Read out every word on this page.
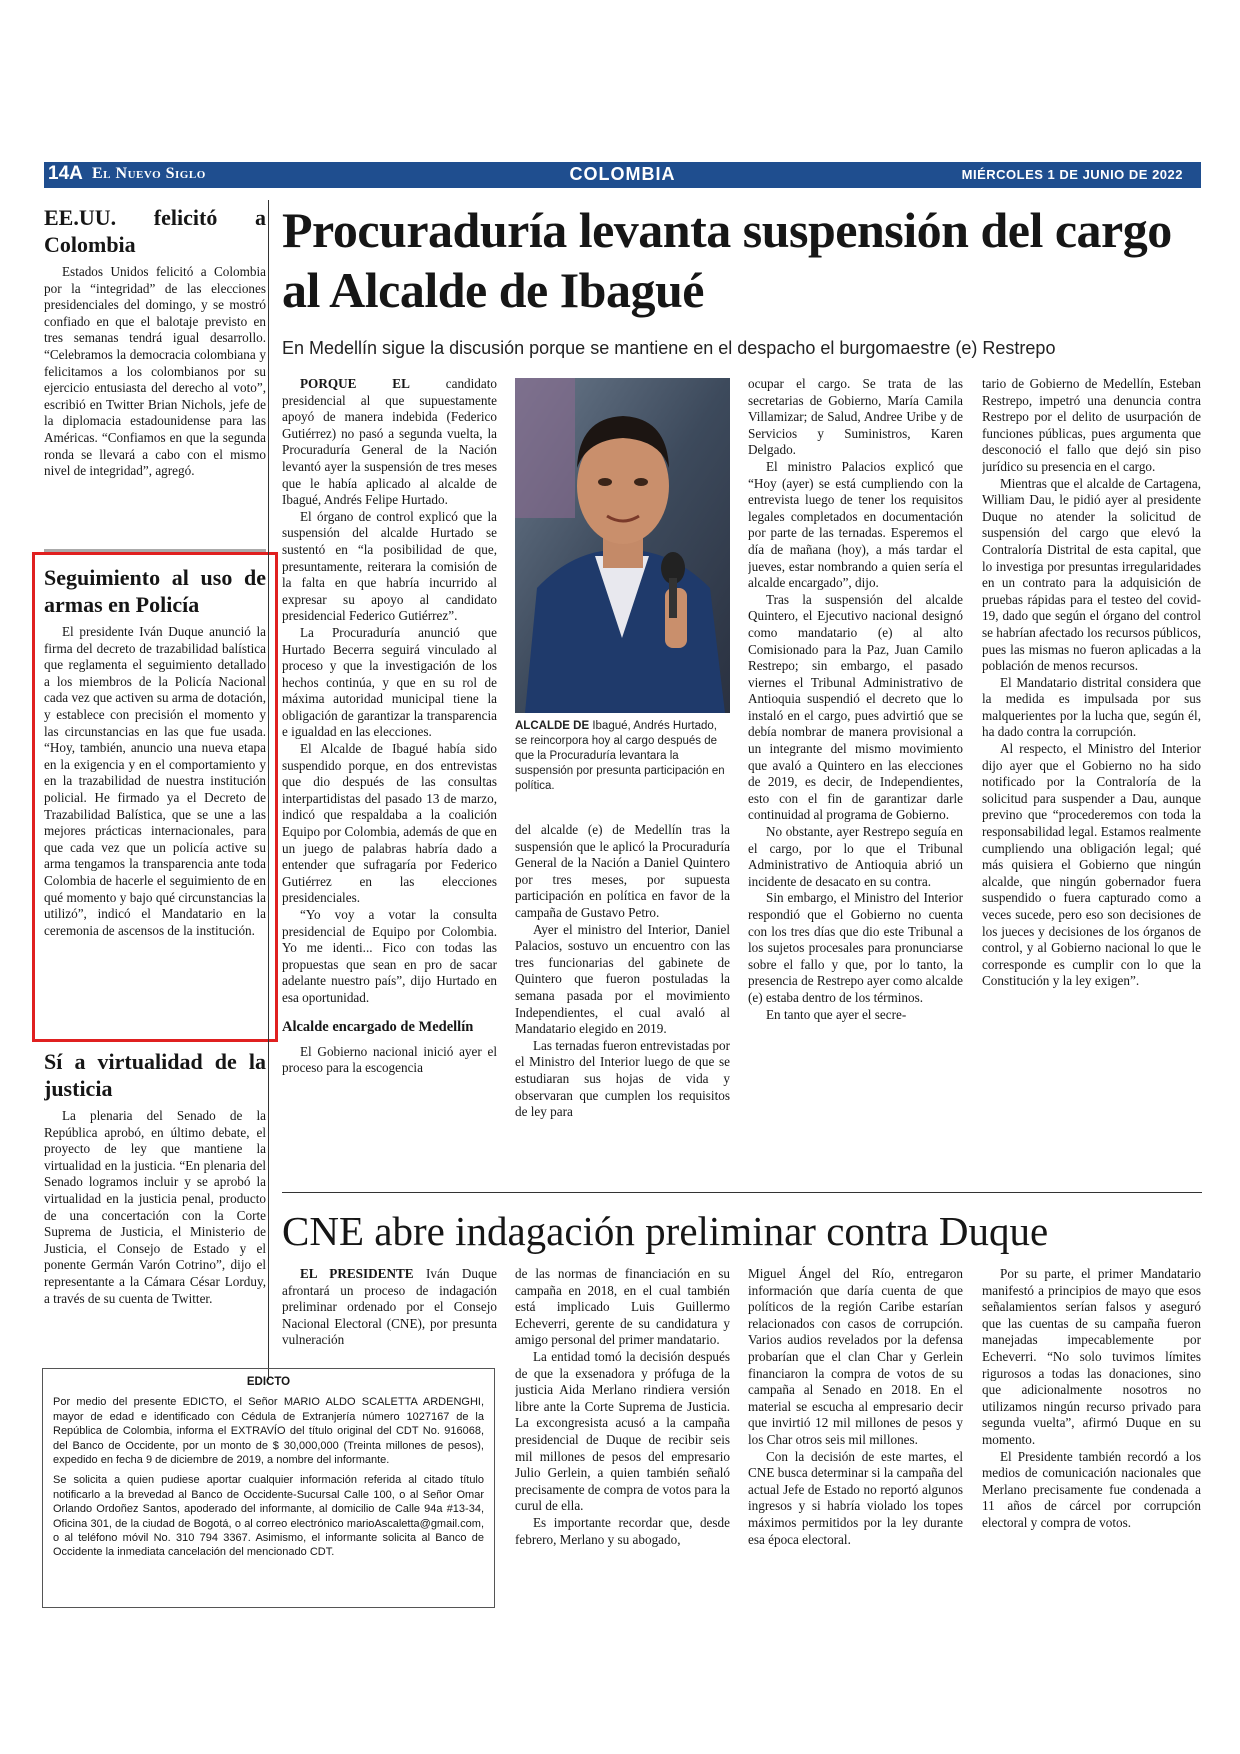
14A El Nuevo Siglo	COLOMBIA	MIÉRCOLES 1 DE JUNIO DE 2022
EE.UU. felicitó a Colombia

Estados Unidos felicitó a Colombia por la “integridad” de las elecciones presidenciales del domingo, y se mostró confiado en que el balotaje previsto en tres semanas tendrá igual desarrollo. “Celebramos la democracia colombiana y felicitamos a los colombianos por su ejercicio entusiasta del derecho al voto”, escribió en Twitter Brian Nichols, jefe de la diplomacia estadounidense para las Américas. “Confiamos en que la segunda ronda se llevará a cabo con el mismo nivel de integridad”, agregó.

Seguimiento al uso de armas en Policía

El presidente Iván Duque anunció la firma del decreto de trazabilidad balística que reglamenta el seguimiento detallado a los miembros de la Policía Nacional cada vez que activen su arma de dotación, y establece con precisión el momento y las circunstancias en las que fue usada. “Hoy, también, anuncio una nueva etapa en la exigencia y en el comportamiento y en la trazabilidad de nuestra institución policial. He firmado ya el Decreto de Trazabilidad Balística, que se une a las mejores prácticas internacionales, para que cada vez que un policía active su arma tengamos la transparencia ante toda Colombia de hacerle el seguimiento de en qué momento y bajo qué circunstancias la utilizó”, indicó el Mandatario en la ceremonia de ascensos de la institución.

Sí a virtualidad de la justicia

La plenaria del Senado de la República aprobó, en último debate, el proyecto de ley que mantiene la virtualidad en la justicia. “En plenaria del Senado logramos incluir y se aprobó la virtualidad en la justicia penal, producto de una concertación con la Corte Suprema de Justicia, el Ministerio de Justicia, el Consejo de Estado y el ponente Germán Varón Cotrino”, dijo el representante a la Cámara César Lorduy, a través de su cuenta de Twitter.

Procuraduría levanta suspensión del cargo al Alcalde de Ibagué
En Medellín sigue la discusión porque se mantiene en el despacho el burgomaestre (e) Restrepo

PORQUE EL	candidato presidencial al que supuestamente apoyó de manera indebida (Federico Gutiérrez) no pasó a segunda vuelta, la Procuraduría General de la Nación levantó ayer la suspensión de tres meses que le había aplicado al alcalde de Ibagué, Andrés Felipe Hurtado.

El órgano de control explicó que la suspensión del alcalde Hurtado se sustentó en “la posibilidad de que, presuntamente, reiterara la comisión de la falta en que habría incurrido al expresar su apoyo al candidato presidencial Federico Gutiérrez”.

La Procuraduría anunció que Hurtado Becerra seguirá vinculado al proceso y que la investigación de los hechos continúa, y que en su rol de máxima autoridad municipal tiene la obligación de garantizar la transparencia e igualdad en las elecciones.

El Alcalde de Ibagué había sido suspendido porque, en dos entrevistas que dio después de las consultas interpartidistas del pasado 13 de marzo, indicó que respaldaba a la coalición Equipo por Colombia, además de que en un juego de palabras habría dado a entender que sufragaría por Federico Gutiérrez en las elecciones presidenciales.

“Yo voy a votar la consulta presidencial de Equipo por Colombia. Yo me identi... Fico con todas las propuestas que sean en pro de sacar adelante nuestro país”, dijo Hurtado en esa oportunidad.

Alcalde encargado de Medellín

El Gobierno nacional inició ayer el proceso para la escogencia

ALCALDE DE Ibagué, Andrés Hurtado, se reincorpora hoy al cargo después de que la Procuraduría levantara la suspensión por presunta participación en política.

del alcalde (e) de Medellín tras la suspensión que le aplicó la Procuraduría General de la Nación a Daniel Quintero por tres meses, por supuesta participación en política en favor de la campaña de Gustavo Petro.

Ayer el ministro del Interior, Daniel Palacios, sostuvo un encuentro con las tres funcionarias del gabinete de Quintero que fueron postuladas la semana pasada por el movimiento Independientes, el cual avaló al Mandatario elegido en 2019.

Las ternadas fueron entrevistadas por el Ministro del Interior luego de que se estudiaran sus hojas de vida y observaran que cumplen los requisitos de ley para

ocupar el cargo. Se trata de las secretarias de Gobierno, María Camila Villamizar; de Salud, Andree Uribe y de Servicios y Suministros, Karen Delgado.

El ministro Palacios explicó que “Hoy (ayer) se está cumpliendo con la entrevista luego de tener los requisitos legales completados en documentación por parte de las ternadas. Esperemos el día de mañana (hoy), a más tardar el jueves, estar nombrando a quien sería el alcalde encargado”, dijo.

Tras la suspensión del alcalde Quintero, el Ejecutivo nacional designó como mandatario (e) al alto Comisionado para la Paz, Juan Camilo Restrepo; sin embargo, el pasado viernes el Tribunal Administrativo de Antioquia suspendió el decreto que lo instaló en el cargo, pues advirtió que se debía nombrar de manera provisional a un integrante del mismo movimiento que avaló a Quintero en las elecciones de 2019, es decir, de Independientes, esto con el fin de garantizar darle continuidad al programa de Gobierno.

No obstante, ayer Restrepo seguía en el cargo, por lo que el Tribunal Administrativo de Antioquia abrió un incidente de desacato en su contra.

Sin embargo, el Ministro del Interior respondió que el Gobierno no cuenta con los tres días que dio este Tribunal a los sujetos procesales para pronunciarse sobre el fallo y que, por lo tanto, la presencia de Restrepo ayer como alcalde (e) estaba dentro de los términos.

En tanto que ayer el secre-

tario de Gobierno de Medellín, Esteban Restrepo, impetró una denuncia contra Restrepo por el delito de usurpación de funciones públicas, pues argumenta que desconoció el fallo que dejó sin piso jurídico su presencia en el cargo.

Mientras que el alcalde de Cartagena, William Dau, le pidió ayer al presidente Duque no atender la solicitud de suspensión del cargo que elevó la Contraloría Distrital de esta capital, que lo investiga por presuntas irregularidades en un contrato para la adquisición de pruebas rápidas para el testeo del covid-19, dado que según el órgano del control se habrían afectado los recursos públicos, pues las mismas no fueron aplicadas a la población de menos recursos.

El Mandatario distrital considera que la medida es impulsada por sus malquerientes por la lucha que, según él, ha dado contra la corrupción.

Al respecto, el Ministro del Interior dijo ayer que el Gobierno no ha sido notificado por la Contraloría de la solicitud para suspender a Dau, aunque previno que “procederemos con toda la responsabilidad legal. Estamos realmente cumpliendo una obligación legal; qué más quisiera el Gobierno que ningún alcalde, que ningún gobernador fuera suspendido o fuera capturado como a veces sucede, pero eso son decisiones de los jueces y decisiones de los órganos de control, y al Gobierno nacional lo que le corresponde es cumplir con lo que la Constitución y la ley exigen”.

CNE abre indagación preliminar contra Duque

EL PRESIDENTE Iván Duque afrontará un proceso de indagación preliminar ordenado por el Consejo Nacional Electoral (CNE), por presunta vulneración

de las normas de financiación en su campaña en 2018, en el cual también está implicado Luis Guillermo Echeverri, gerente de su candidatura y amigo personal del primer mandatario.

La entidad tomó la decisión después de que la exsenadora y prófuga de la justicia Aida Merlano rindiera versión libre ante la Corte Suprema de Justicia. La excongresista acusó a la campaña presidencial de Duque de recibir seis mil millones de pesos del empresario Julio Gerlein, a quien también señaló precisamente de compra de votos para la curul de ella.

Es importante recordar que, desde febrero, Merlano y su abogado,

Miguel Ángel del Río, entregaron información que daría cuenta de que políticos de la región Caribe estarían relacionados con casos de corrupción. Varios audios revelados por la defensa probarían que el clan Char y Gerlein financiaron la compra de votos de su campaña al Senado en 2018. En el material se escucha al empresario decir que invirtió 12 mil millones de pesos y los Char otros seis mil millones.

Con la decisión de este martes, el CNE busca determinar si la campaña del actual Jefe de Estado no reportó algunos ingresos y si habría violado los topes máximos permitidos por la ley durante esa época electoral.

Por su parte, el primer Mandatario manifestó a principios de mayo que esos señalamientos serían falsos y aseguró que las cuentas de su campaña fueron manejadas impecablemente por Echeverri. “No solo tuvimos límites rigurosos a todas las donaciones, sino que adicionalmente nosotros no utilizamos ningún recurso privado para segunda vuelta”, afirmó Duque en su momento.

El Presidente también recordó a los medios de comunicación nacionales que Merlano precisamente fue condenada a 11 años de cárcel por corrupción electoral y compra de votos.

EDICTO

Por medio del presente EDICTO, el Señor MARIO ALDO SCALETTA ARDENGHI, mayor de edad e identificado con Cédula de Extranjería número 1027167 de la República de Colombia, informa el EXTRAVÍO del título original del CDT No. 916068, del Banco de Occidente, por un monto de $ 30,000,000 (Treinta millones de pesos), expedido en fecha 9 de diciembre de 2019, a nombre del informante.

Se solicita a quien pudiese aportar cualquier información referida al citado título notificarlo a la brevedad al Banco de Occidente-Sucursal Calle 100, o al Señor Omar Orlando Ordoñez Santos, apoderado del informante, al domicilio de Calle 94a #13-34, Oficina 301, de la ciudad de Bogotá, o al correo electrónico marioAscaletta@gmail.com, o al teléfono móvil No. 310 794 3367. Asimismo, el informante solicita al Banco de Occidente la inmediata cancelación del mencionado CDT.
